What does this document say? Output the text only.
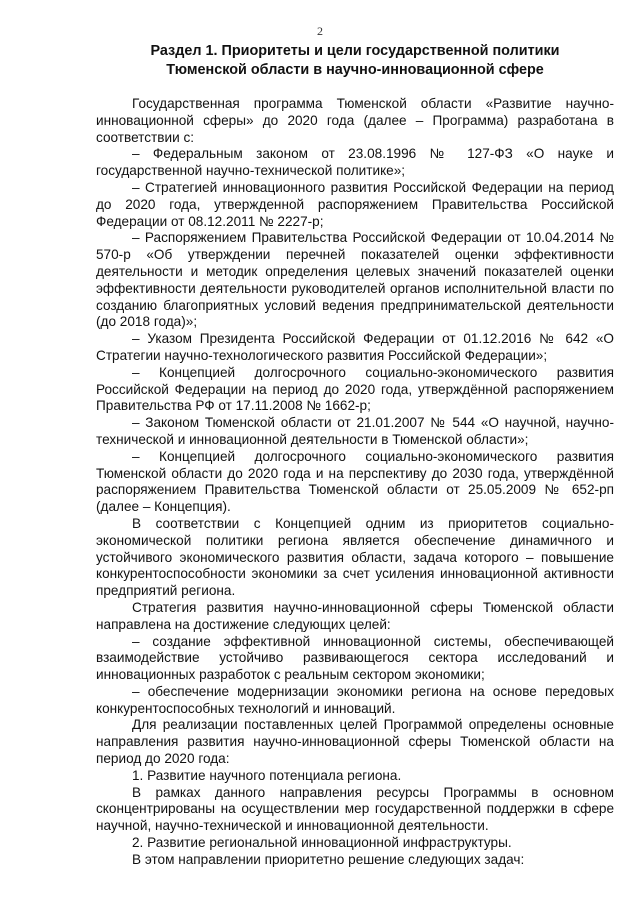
2
Раздел 1. Приоритеты и цели государственной политики
Тюменской области в научно-инновационной сфере

Государственная программа Тюменской области «Развитие научно-инновационной сферы» до 2020 года (далее – Программа) разработана в соответствии с:

– Федеральным законом от 23.08.1996 № 127-ФЗ «О науке и государственной научно-технической политике»;

– Стратегией инновационного развития Российской Федерации на период до 2020 года, утвержденной распоряжением Правительства Российской Федерации от 08.12.2011 № 2227-р;

– Распоряжением Правительства Российской Федерации от 10.04.2014 № 570-р «Об утверждении перечней показателей оценки эффективности деятельности и методик определения целевых значений показателей оценки эффективности деятельности руководителей органов исполнительной власти по созданию благоприятных условий ведения предпринимательской деятельности (до 2018 года)»;

– Указом Президента Российской Федерации от 01.12.2016 № 642 «О Стратегии научно-технологического развития Российской Федерации»;

– Концепцией долгосрочного социально-экономического развития Российской Федерации на период до 2020 года, утверждённой распоряжением Правительства РФ от 17.11.2008 № 1662-р;

– Законом Тюменской области от 21.01.2007 № 544 «О научной, научно-технической и инновационной деятельности в Тюменской области»;

– Концепцией долгосрочного социально-экономического развития Тюменской области до 2020 года и на перспективу до 2030 года, утверждённой распоряжением Правительства Тюменской области от 25.05.2009 № 652-рп (далее – Концепция).

В соответствии с Концепцией одним из приоритетов социально-экономической политики региона является обеспечение динамичного и устойчивого экономического развития области, задача которого – повышение конкурентоспособности экономики за счет усиления инновационной активности предприятий региона.

Стратегия развития научно-инновационной сферы Тюменской области направлена на достижение следующих целей:

– создание эффективной инновационной системы, обеспечивающей взаимодействие устойчиво развивающегося сектора исследований и инновационных разработок с реальным сектором экономики;

– обеспечение модернизации экономики региона на основе передовых конкурентоспособных технологий и инноваций.

Для реализации поставленных целей Программой определены основные направления развития научно-инновационной сферы Тюменской области на период до 2020 года:

1. Развитие научного потенциала региона.

В рамках данного направления ресурсы Программы в основном сконцентрированы на осуществлении мер государственной поддержки в сфере научной, научно-технической и инновационной деятельности.

2. Развитие региональной инновационной инфраструктуры.

В этом направлении приоритетно решение следующих задач:
